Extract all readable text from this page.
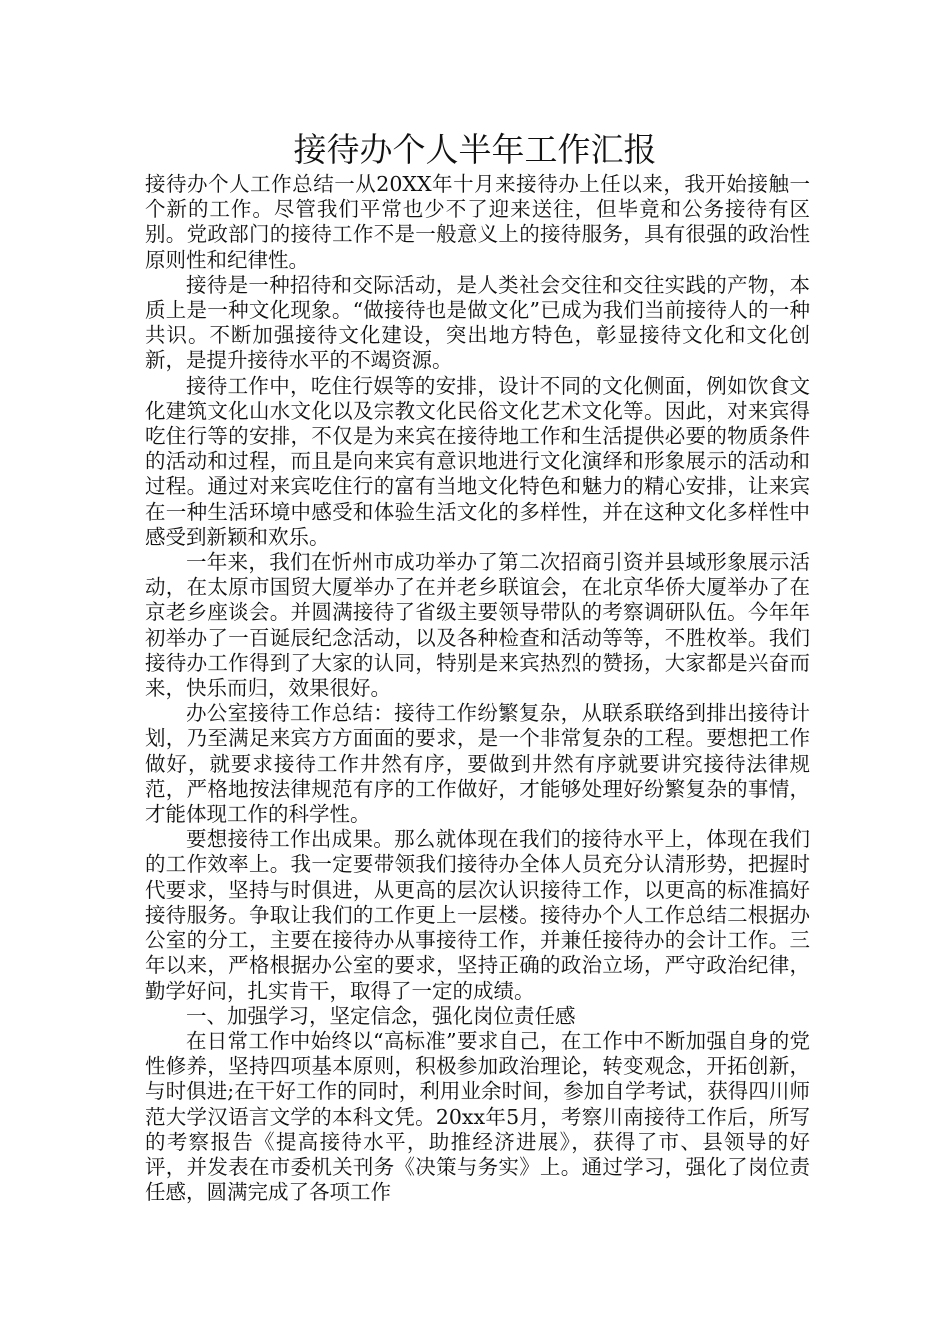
接待办个人半年工作汇报

接待办个人工作总结一从20XX年十月来接待办上任以来，我开始接触一个新的工作。尽管我们平常也少不了迎来送往，但毕竟和公务接待有区别。党政部门的接待工作不是一般意义上的接待服务，具有很强的政治性原则性和纪律性。

接待是一种招待和交际活动，是人类社会交往和交往实践的产物，本质上是一种文化现象。“做接待也是做文化”已成为我们当前接待人的一种共识。不断加强接待文化建设，突出地方特色，彰显接待文化和文化创新，是提升接待水平的不竭资源。

接待工作中，吃住行娱等的安排，设计不同的文化侧面，例如饮食文化建筑文化山水文化以及宗教文化民俗文化艺术文化等。因此，对来宾得吃住行等的安排，不仅是为来宾在接待地工作和生活提供必要的物质条件的活动和过程，而且是向来宾有意识地进行文化演绎和形象展示的活动和过程。通过对来宾吃住行的富有当地文化特色和魅力的精心安排，让来宾在一种生活环境中感受和体验生活文化的多样性，并在这种文化多样性中感受到新颖和欢乐。

一年来，我们在忻州市成功举办了第二次招商引资并县域形象展示活动，在太原市国贸大厦举办了在并老乡联谊会，在北京华侨大厦举办了在京老乡座谈会。并圆满接待了省级主要领导带队的考察调研队伍。今年年初举办了一百诞辰纪念活动，以及各种检查和活动等等，不胜枚举。我们接待办工作得到了大家的认同，特别是来宾热烈的赞扬，大家都是兴奋而来，快乐而归，效果很好。

办公室接待工作总结：接待工作纷繁复杂，从联系联络到排出接待计划，乃至满足来宾方方面面的要求，是一个非常复杂的工程。要想把工作做好，就要求接待工作井然有序，要做到井然有序就要讲究接待法律规范，严格地按法律规范有序的工作做好，才能够处理好纷繁复杂的事情，才能体现工作的科学性。

要想接待工作出成果。那么就体现在我们的接待水平上，体现在我们的工作效率上。我一定要带领我们接待办全体人员充分认清形势，把握时代要求，坚持与时俱进，从更高的层次认识接待工作，以更高的标准搞好接待服务。争取让我们的工作更上一层楼。接待办个人工作总结二根据办公室的分工，主要在接待办从事接待工作，并兼任接待办的会计工作。三年以来，严格根据办公室的要求，坚持正确的政治立场，严守政治纪律，勤学好问，扎实肯干，取得了一定的成绩。

一、加强学习，坚定信念，强化岗位责任感

在日常工作中始终以“高标准”要求自己，在工作中不断加强自身的党性修养，坚持四项基本原则，积极参加政治理论，转变观念，开拓创新，与时俱进;在干好工作的同时，利用业余时间，参加自学考试，获得四川师范大学汉语言文学的本科文凭。20xx年5月，考察川南接待工作后，所写的考察报告《提高接待水平，助推经济进展》，获得了市、县领导的好评，并发表在市委机关刊务《决策与务实》上。通过学习，强化了岗位责任感，圆满完成了各项工作
